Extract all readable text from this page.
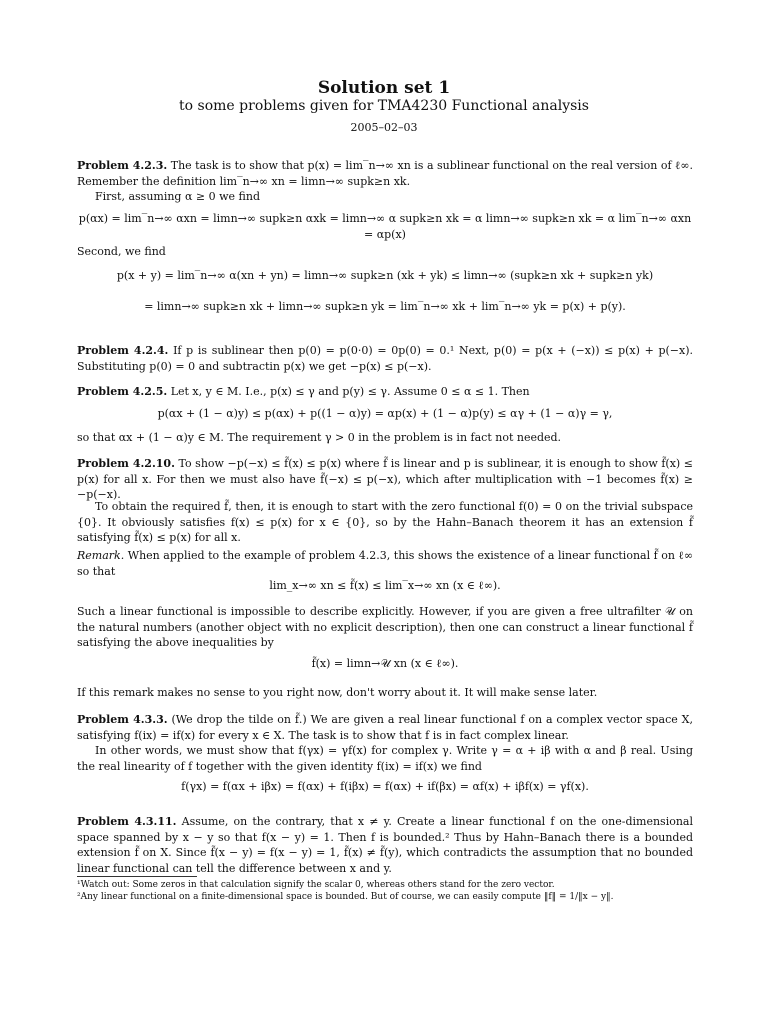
Solution set 1
to some problems given for TMA4230 Functional analysis
2005–02–03
Problem 4.2.3. The task is to show that p(x) = lim‾n→∞ xn is a sublinear functional on the real version of ℓ∞. Remember the definition lim‾n→∞ xn = limn→∞ supk≥n xk.
First, assuming α ≥ 0 we find
p(αx) = lim‾n→∞ αxn = limn→∞ supk≥n αxk = limn→∞ α supk≥n xk = α limn→∞ supk≥n xk = α lim‾n→∞ αxn = αp(x)
Second, we find
p(x + y) = lim‾n→∞ α(xn + yn) = limn→∞ supk≥n (xk + yk) ≤ limn→∞ (supk≥n xk + supk≥n yk)
= limn→∞ supk≥n xk + limn→∞ supk≥n yk = lim‾n→∞ xk + lim‾n→∞ yk = p(x) + p(y).
Problem 4.2.4. If p is sublinear then p(0) = p(0·0) = 0p(0) = 0.¹ Next, p(0) = p(x + (−x)) ≤ p(x) + p(−x). Substituting p(0) = 0 and subtractin p(x) we get −p(x) ≤ p(−x).
Problem 4.2.5. Let x, y ∈ M. I.e., p(x) ≤ γ and p(y) ≤ γ. Assume 0 ≤ α ≤ 1. Then
p(αx + (1 − α)y) ≤ p(αx) + p((1 − α)y) = αp(x) + (1 − α)p(y) ≤ αγ + (1 − α)γ = γ,
so that αx + (1 − α)y ∈ M. The requirement γ > 0 in the problem is in fact not needed.
Problem 4.2.10. To show −p(−x) ≤ f̃(x) ≤ p(x) where f̃ is linear and p is sublinear, it is enough to show f̃(x) ≤ p(x) for all x. For then we must also have f̃(−x) ≤ p(−x), which after multiplication with −1 becomes f̃(x) ≥ −p(−x).
To obtain the required f̃, then, it is enough to start with the zero functional f(0) = 0 on the trivial subspace {0}. It obviously satisfies f(x) ≤ p(x) for x ∈ {0}, so by the Hahn–Banach theorem it has an extension f̃ satisfying f̃(x) ≤ p(x) for all x.
Remark. When applied to the example of problem 4.2.3, this shows the existence of a linear functional f̃ on ℓ∞ so that
lim_x→∞ xn ≤ f̃(x) ≤ lim‾x→∞ xn (x ∈ ℓ∞).
Such a linear functional is impossible to describe explicitly. However, if you are given a free ultrafilter 𝒰 on the natural numbers (another object with no explicit description), then one can construct a linear functional f̃ satisfying the above inequalities by
f̃(x) = limn→𝒰 xn (x ∈ ℓ∞).
If this remark makes no sense to you right now, don't worry about it. It will make sense later.
Problem 4.3.3. (We drop the tilde on f̃.) We are given a real linear functional f on a complex vector space X, satisfying f(ix) = if(x) for every x ∈ X. The task is to show that f is in fact complex linear.
In other words, we must show that f(γx) = γf(x) for complex γ. Write γ = α + iβ with α and β real. Using the real linearity of f together with the given identity f(ix) = if(x) we find
f(γx) = f(αx + iβx) = f(αx) + f(iβx) = f(αx) + if(βx) = αf(x) + iβf(x) = γf(x).
Problem 4.3.11. Assume, on the contrary, that x ≠ y. Create a linear functional f on the one-dimensional space spanned by x − y so that f(x − y) = 1. Then f is bounded.² Thus by Hahn–Banach there is a bounded extension f̃ on X. Since f̃(x − y) = f(x − y) = 1, f̃(x) ≠ f̃(y), which contradicts the assumption that no bounded linear functional can tell the difference between x and y.
¹Watch out: Some zeros in that calculation signify the scalar 0, whereas others stand for the zero vector.
²Any linear functional on a finite-dimensional space is bounded. But of course, we can easily compute ‖f‖ = 1/‖x − y‖.
